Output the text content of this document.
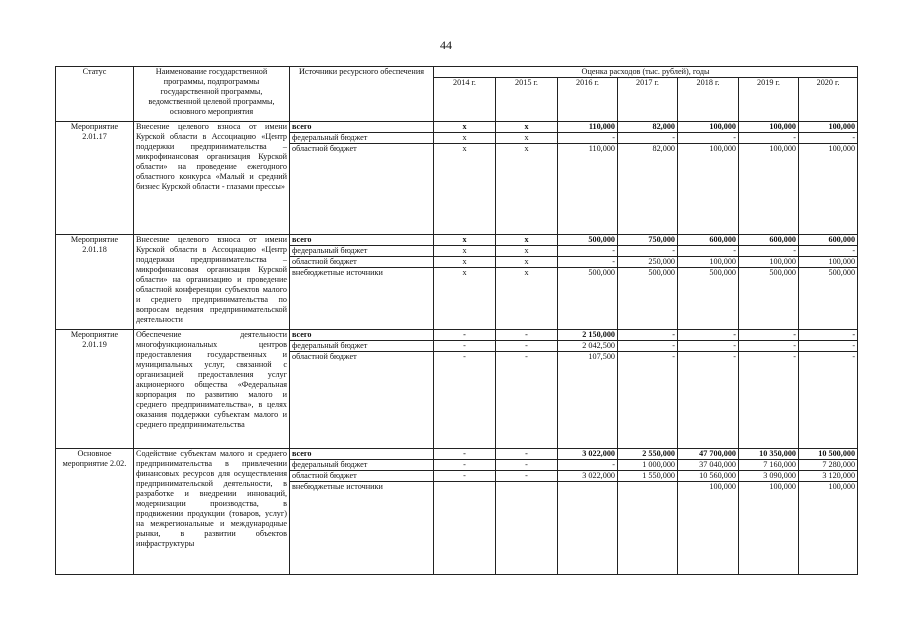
44
Статус	Наименование государственной программы, подпрограммы государственной программы, ведомственной целевой программы, основного мероприятия	Источники ресурсного обеспечения	Оценка расходов (тыс. рублей), годы						
			2014 г.	2015 г.	2016 г.	2017 г.	2018 г.	2019 г.	2020 г.
Мероприятие 2.01.17	Внесение целевого взноса от имени Курской области в Ассоциацию «Центр поддержки предпринимательства – микрофинансовая организация Курской области» на проведение ежегодного областного конкурса «Малый и средний бизнес Курской области - глазами прессы»	всего	х	х	110,000	82,000	100,000	100,000	100,000
		федеральный бюджет	х	х	-	-	-	-	-
		областной бюджет	х	х	110,000	82,000	100,000	100,000	100,000
Мероприятие 2.01.18	Внесение целевого взноса от имени Курской области в Ассоциацию «Центр поддержки предпринимательства – микрофинансовая организация Курской области» на организацию и проведение областной конференции субъектов малого и среднего предпринимательства по вопросам ведения предпринимательской деятельности	всего	х	х	500,000	750,000	600,000	600,000	600,000
		федеральный бюджет	х	х	-	-	-	-	-
		областной бюджет	х	х	-	250,000	100,000	100,000	100,000
		внебюджетные источники	х	х	500,000	500,000	500,000	500,000	500,000
Мероприятие 2.01.19	Обеспечение деятельности многофункциональных центров предоставления государственных и муниципальных услуг, связанной с организацией предоставления услуг акционерного общества «Федеральная корпорация по развитию малого и среднего предпринимательства», в целях оказания поддержки субъектам малого и среднего предпринимательства	всего	-	-	2 150,000	-	-	-	-
		федеральный бюджет	-	-	2 042,500	-	-	-	-
		областной бюджет	-	-	107,500	-	-	-	-
Основное мероприятие 2.02.	Содействие субъектам малого и среднего предпринимательства в привлечении финансовых ресурсов для осуществления предпринимательской деятельности, в разработке и внедрении инноваций, модернизации производства, в продвижении продукции (товаров, услуг) на межрегиональные и международные рынки, в развитии объектов инфраструктуры	всего	-	-	3 022,000	2 550,000	47 700,000	10 350,000	10 500,000
		федеральный бюджет	-	-	-	1 000,000	37 040,000	7 160,000	7 280,000
		областной бюджет	-	-	3 022,000	1 550,000	10 560,000	3 090,000	3 120,000
		внебюджетные источники					100,000	100,000	100,000
